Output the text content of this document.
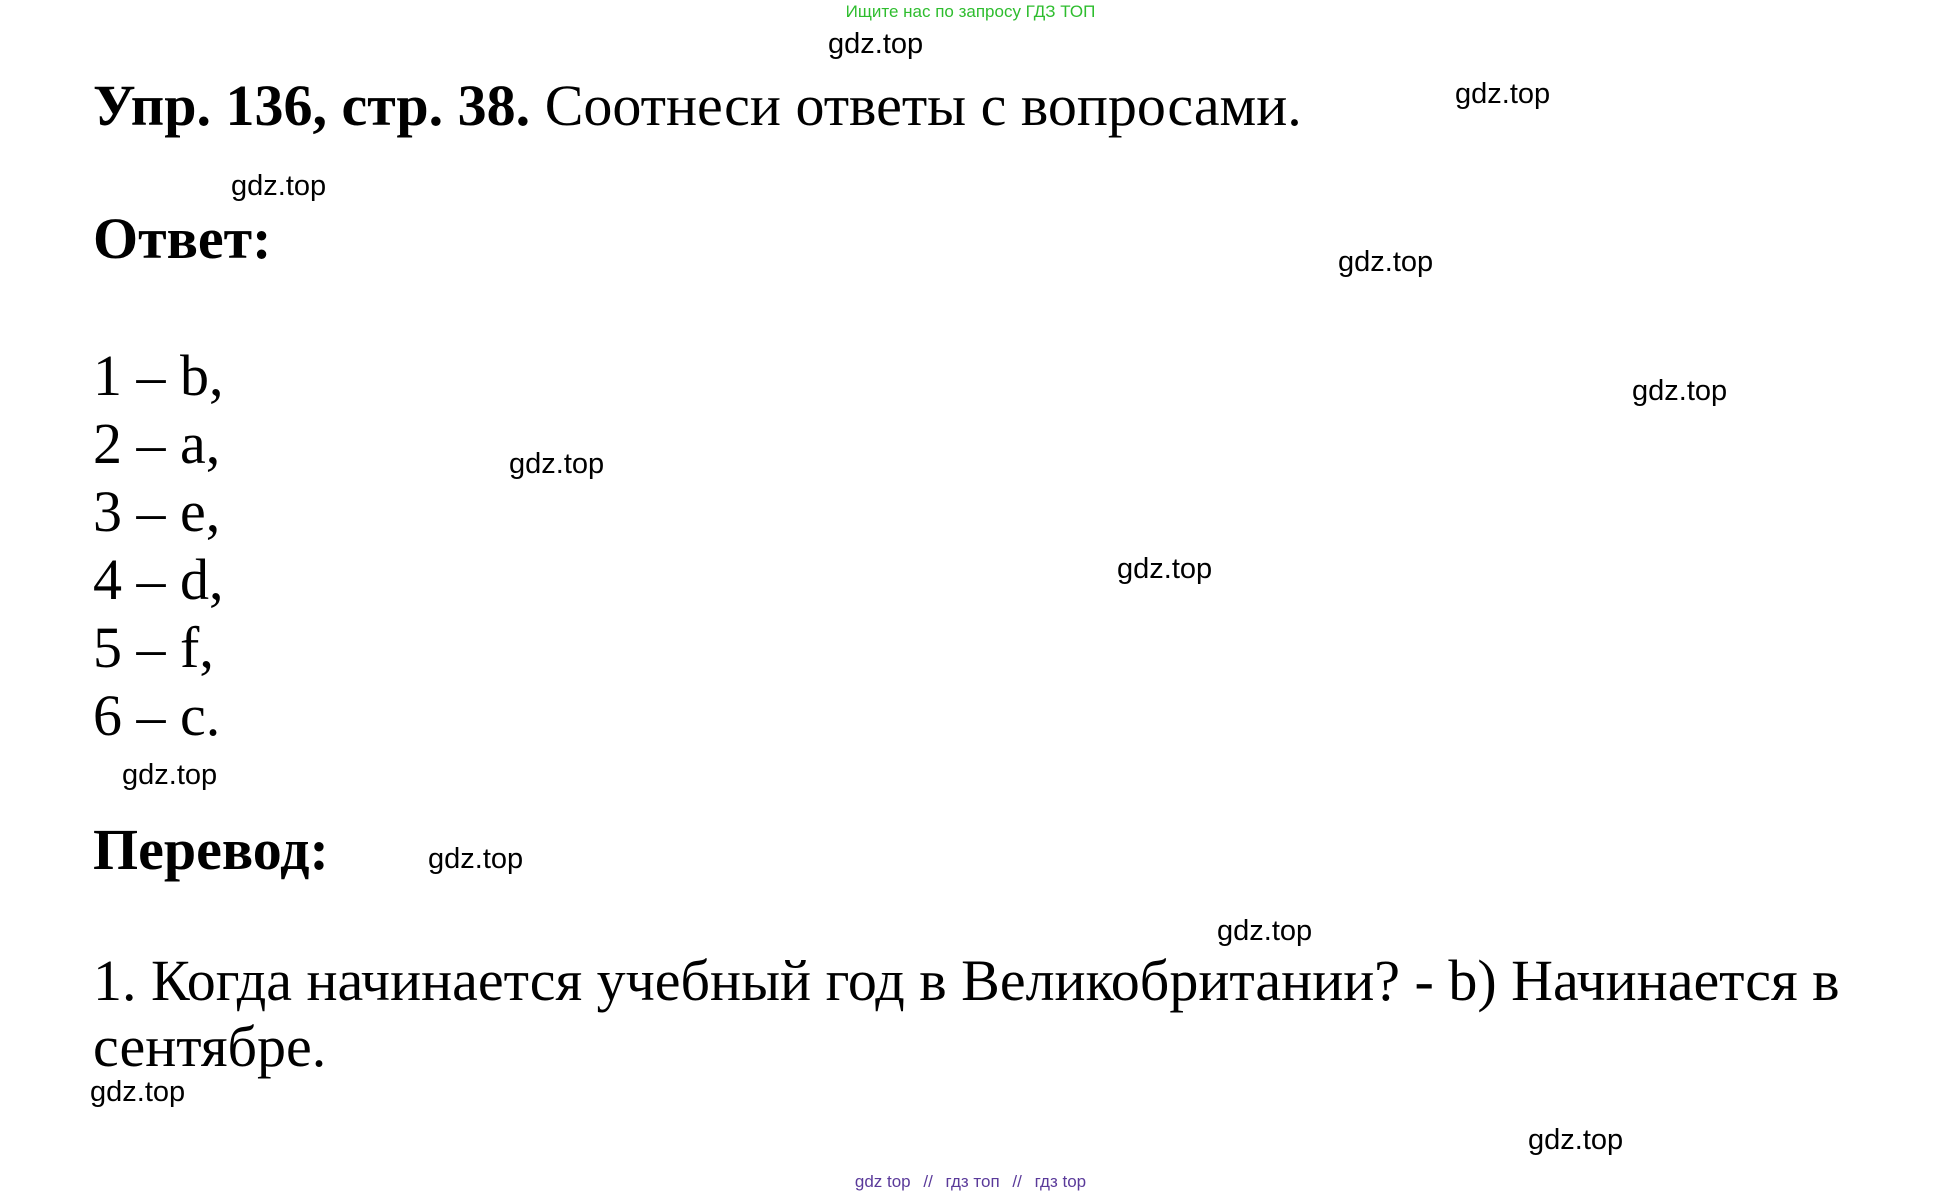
Ищите нас по запросу ГДЗ ТОП
Упр. 136, стр. 38. Соотнеси ответы с вопросами.
Ответ:
1 – b,
2 – a,
3 – e,
4 – d,
5 – f,
6 – c.
Перевод:

1. Когда начинается учебный год в Великобритании? - b) Начинается в сентябре.

gdz.top
gdz.top
gdz.top
gdz.top
gdz.top
gdz.top
gdz.top
gdz.top
gdz.top
gdz.top
gdz.top
gdz.top
gdz top // гдз топ // гдз top
